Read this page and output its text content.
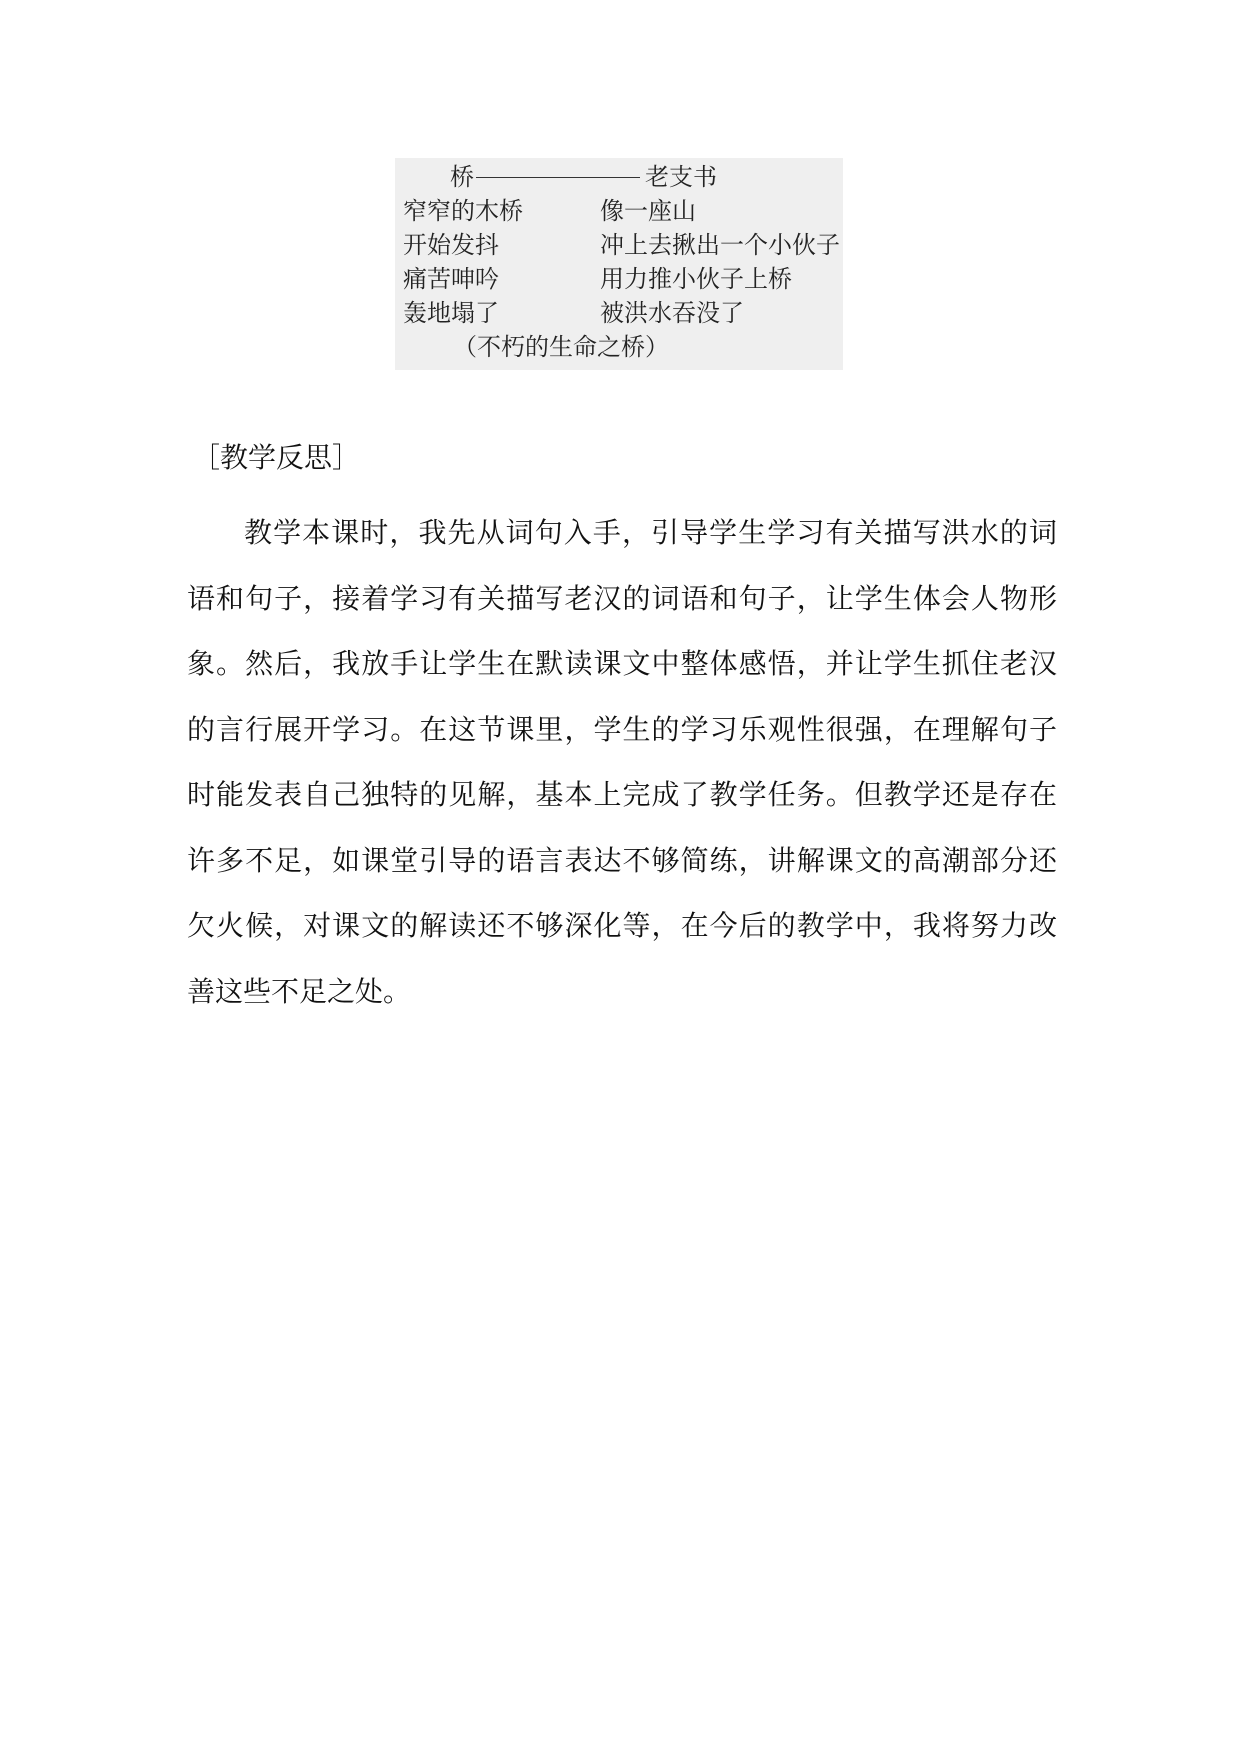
桥	老支书
窄窄的木桥	像一座山
开始发抖	冲上去揪出一个小伙子
痛苦呻吟	用力推小伙子上桥
轰地塌了	被洪水吞没了
（不朽的生命之桥）
［教学反思］
教学本课时，我先从词句入手，引导学生学习有关描写洪水的词
语和句子，接着学习有关描写老汉的词语和句子，让学生体会人物形
象。然后，我放手让学生在默读课文中整体感悟，并让学生抓住老汉
的言行展开学习。在这节课里，学生的学习乐观性很强，在理解句子
时能发表自己独特的见解，基本上完成了教学任务。但教学还是存在
许多不足，如课堂引导的语言表达不够简练，讲解课文的高潮部分还
欠火候，对课文的解读还不够深化等，在今后的教学中，我将努力改
善这些不足之处。
